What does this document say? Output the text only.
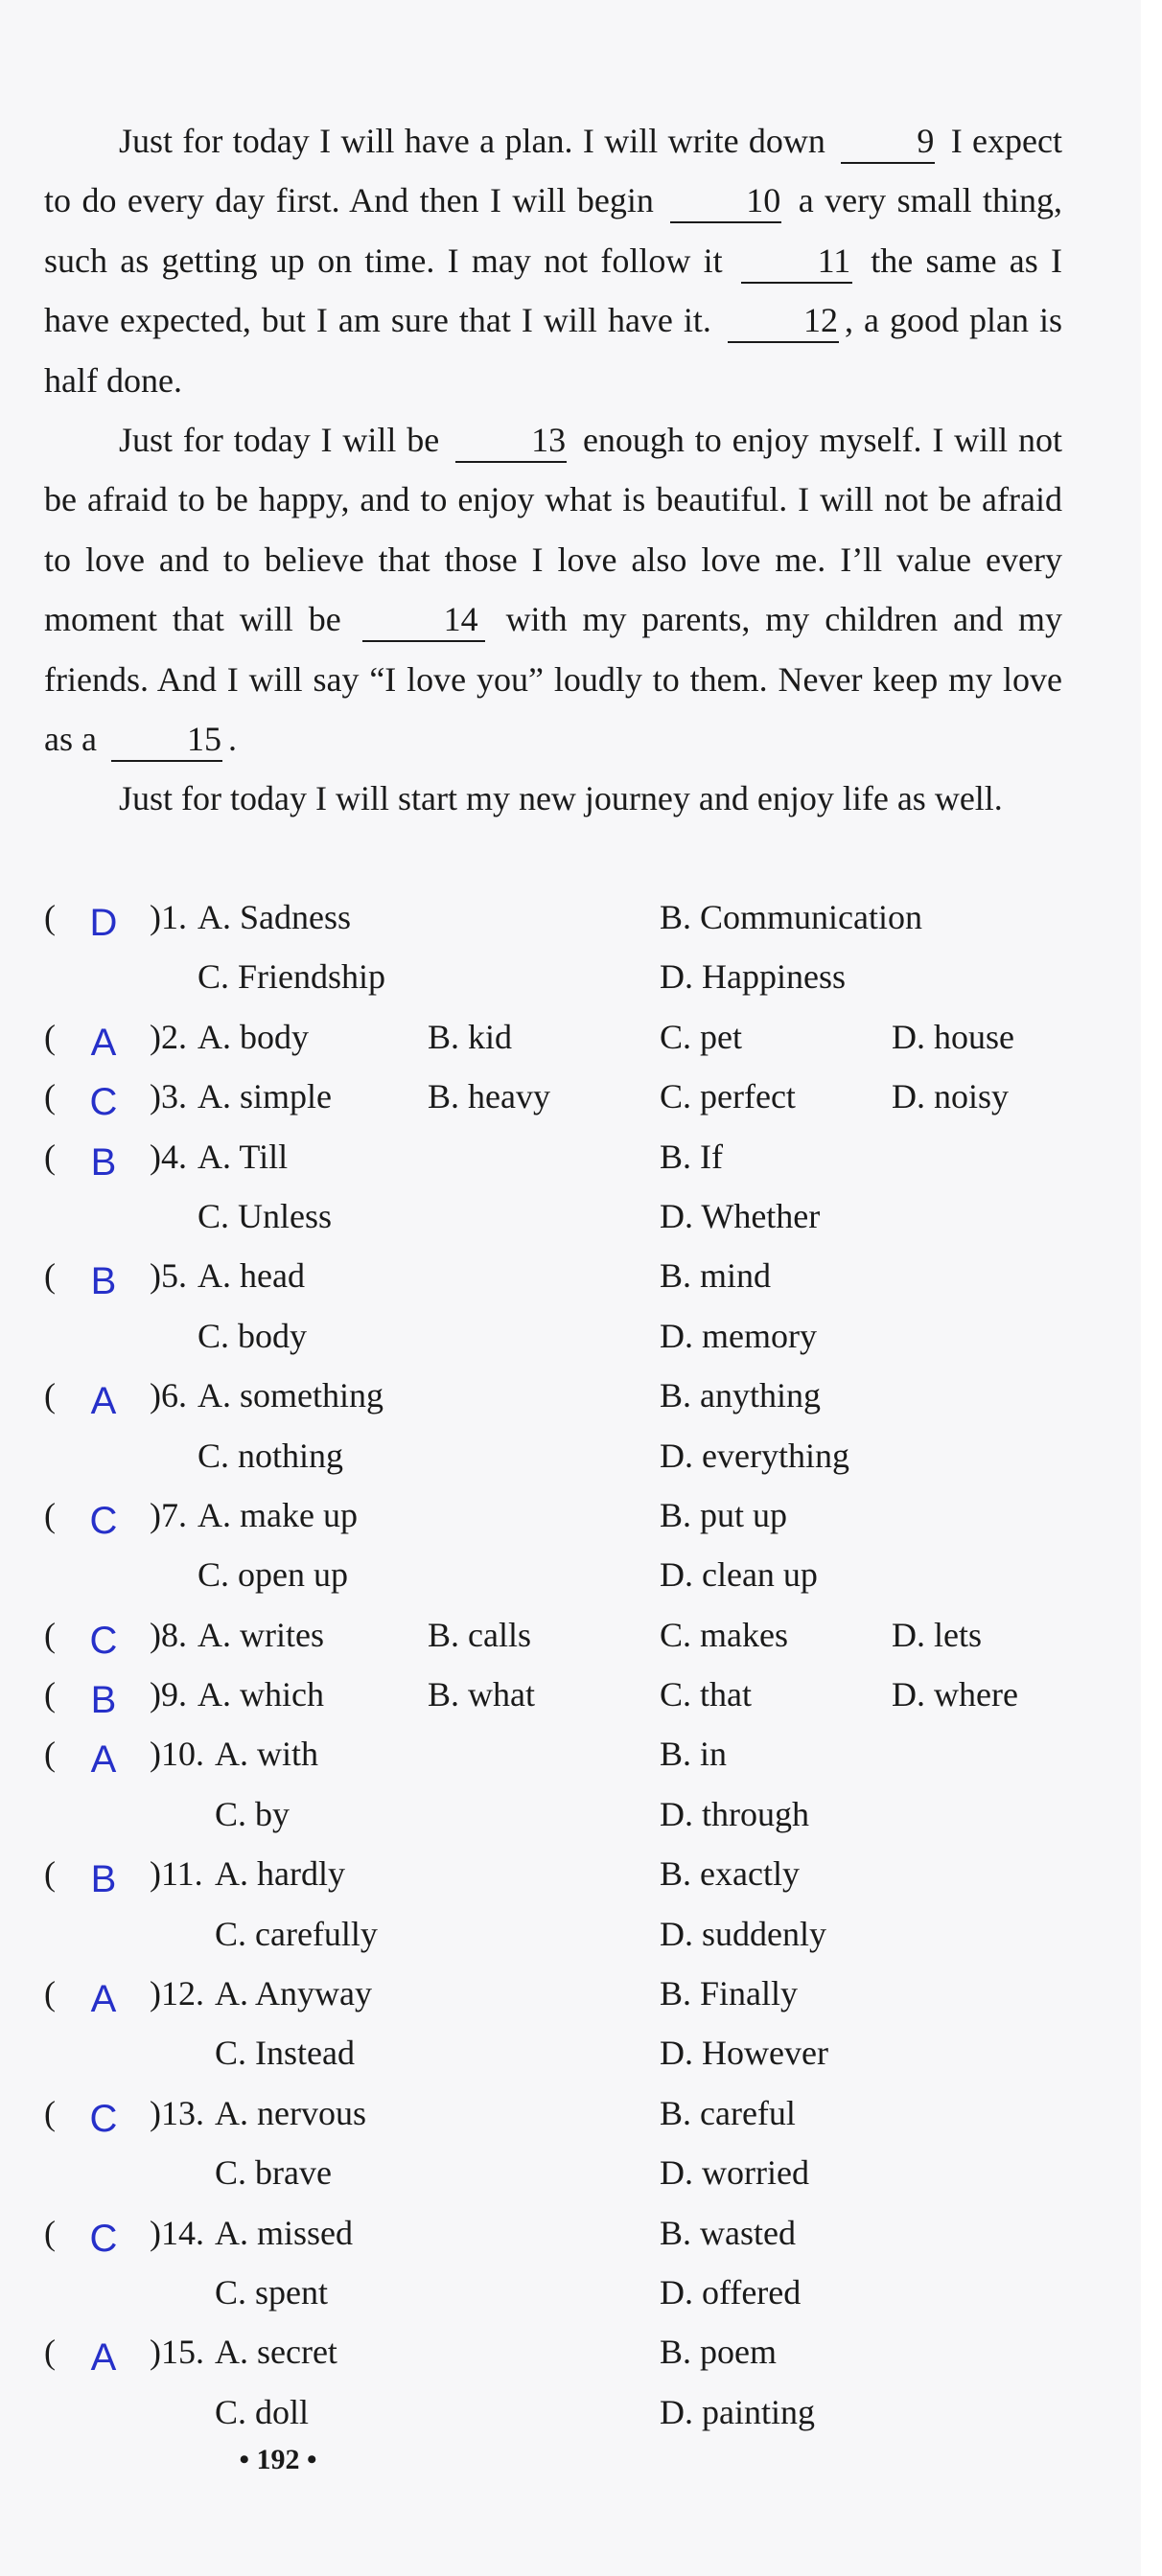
Just for today I will have a plan. I will write down	9 I expect to do every day first. And then I will begin	10 a very small thing, such as getting up on time. I may not follow it	11 the same as I have expected, but I am sure that I will have it.	12 , a good plan is half done.

Just for today I will be	13 enough to enjoy myself. I will not be afraid to be happy, and to enjoy what is beautiful. I will not be afraid to love and to believe that those I love also love me. I’ll value every moment that will be	14 with my parents, my children and my friends. And I will say “I love you” loudly to them. Never keep my love as a	15 .

Just for today I will start my new journey and enjoy life as well.

( D )1. A. Sadness	B. Communication
C. Friendship	D. Happiness
( A )2. A. body	B. kid	C. pet	D. house
( C )3. A. simple	B. heavy	C. perfect	D. noisy
( B )4. A. Till	B. If
C. Unless	D. Whether
( B )5. A. head	B. mind
C. body	D. memory
( A )6. A. something	B. anything
C. nothing	D. everything
( C )7. A. make up	B. put up
C. open up	D. clean up
( C )8. A. writes	B. calls	C. makes	D. lets
( B )9. A. which	B. what	C. that	D. where
( A )10. A. with	B. in
C. by	D. through
( B )11. A. hardly	B. exactly
C. carefully	D. suddenly
( A )12. A. Anyway	B. Finally
C. Instead	D. However
( C )13. A. nervous	B. careful
C. brave	D. worried
( C )14. A. missed	B. wasted
C. spent	D. offered
( A )15. A. secret	B. poem
C. doll	D. painting
• 192 •
